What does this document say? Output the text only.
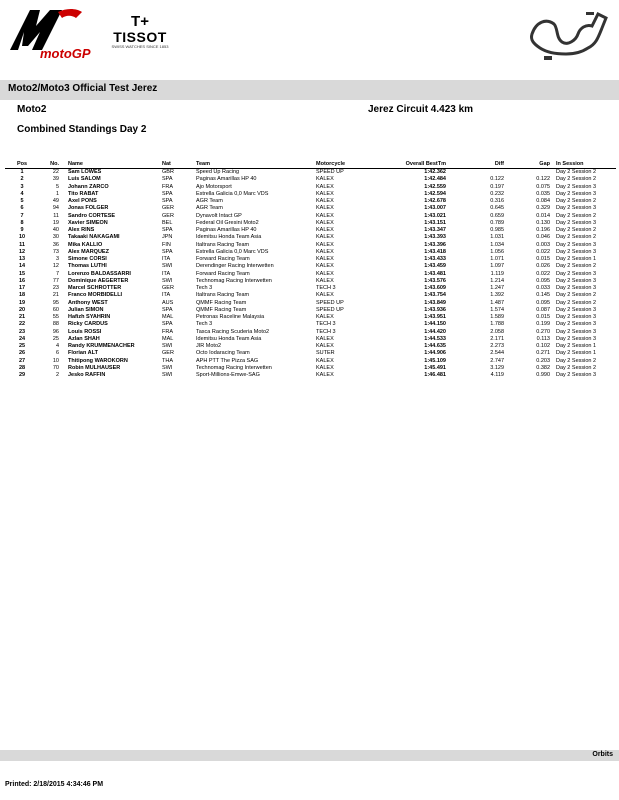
motoGP
T+
TISSOT
SWISS WATCHES SINCE 1853
Moto2/Moto3 Official Test Jerez
Moto2	Jerez Circuit 4.423 km
Combined Standings Day 2
Pos	No.	Name	Nat	Team	Motorcycle	Overall BestTm	Diff	Gap	In Session
1	22	Sam LOWES	GBR	Speed Up Racing	SPEED UP	1:42.362			Day 2 Session 2
2	39	Luis SALOM	SPA	Paginas Amarillas HP 40	KALEX	1:42.484	0.122	0.122	Day 2 Session 2
3	5	Johann ZARCO	FRA	Ajo Motorsport	KALEX	1:42.559	0.197	0.075	Day 2 Session 3
4	1	Tito RABAT	SPA	Estrella Galicia 0,0 Marc VDS	KALEX	1:42.594	0.232	0.035	Day 2 Session 3
5	49	Axel PONS	SPA	AGR Team	KALEX	1:42.678	0.316	0.084	Day 2 Session 2
6	94	Jonas FOLGER	GER	AGR Team	KALEX	1:43.007	0.645	0.329	Day 2 Session 3
7	11	Sandro CORTESE	GER	Dynavolt Intact GP	KALEX	1:43.021	0.659	0.014	Day 2 Session 2
8	19	Xavier SIMEON	BEL	Federal Oil Gresini Moto2	KALEX	1:43.151	0.789	0.130	Day 2 Session 3
9	40	Alex RINS	SPA	Paginas Amarillas HP 40	KALEX	1:43.347	0.985	0.196	Day 2 Session 2
10	30	Takaaki NAKAGAMI	JPN	Idemitsu Honda Team Asia	KALEX	1:43.393	1.031	0.046	Day 2 Session 2
11	36	Mika KALLIO	FIN	Italtrans Racing Team	KALEX	1:43.396	1.034	0.003	Day 2 Session 3
12	73	Alex MARQUEZ	SPA	Estrella Galicia 0,0 Marc VDS	KALEX	1:43.418	1.056	0.022	Day 2 Session 3
13	3	Simone CORSI	ITA	Forward Racing Team	KALEX	1:43.433	1.071	0.015	Day 2 Session 1
14	12	Thomas LUTHI	SWI	Derendinger Racing Interwetten	KALEX	1:43.459	1.097	0.026	Day 2 Session 2
15	7	Lorenzo BALDASSARRI	ITA	Forward Racing Team	KALEX	1:43.481	1.119	0.022	Day 2 Session 3
16	77	Dominique AEGERTER	SWI	Technomag Racing Interwetten	KALEX	1:43.576	1.214	0.095	Day 2 Session 3
17	23	Marcel SCHROTTER	GER	Tech 3	TECH 3	1:43.609	1.247	0.033	Day 2 Session 3
18	21	Franco MORBIDELLI	ITA	Italtrans Racing Team	KALEX	1:43.754	1.392	0.145	Day 2 Session 2
19	95	Anthony WEST	AUS	QMMF Racing Team	SPEED UP	1:43.849	1.487	0.095	Day 2 Session 2
20	60	Julian SIMON	SPA	QMMF Racing Team	SPEED UP	1:43.936	1.574	0.087	Day 2 Session 3
21	55	Hafizh SYAHRIN	MAL	Petronas Raceline Malaysia	KALEX	1:43.951	1.589	0.015	Day 2 Session 3
22	88	Ricky CARDUS	SPA	Tech 3	TECH 3	1:44.150	1.788	0.199	Day 2 Session 3
23	96	Louis ROSSI	FRA	Tasca Racing Scuderia Moto2	TECH 3	1:44.420	2.058	0.270	Day 2 Session 3
24	25	Azlan SHAH	MAL	Idemitsu Honda Team Asia	KALEX	1:44.533	2.171	0.113	Day 2 Session 3
25	4	Randy KRUMMENACHER	SWI	JIR Moto2	KALEX	1:44.635	2.273	0.102	Day 2 Session 1
26	6	Florian ALT	GER	Octo Iodaracing Team	SUTER	1:44.906	2.544	0.271	Day 2 Session 1
27	10	Thitipong WAROKORN	THA	APH PTT The Pizza SAG	KALEX	1:45.109	2.747	0.203	Day 2 Session 2
28	70	Robin MULHAUSER	SWI	Technomag Racing Interwetten	KALEX	1:45.491	3.129	0.382	Day 2 Session 2
29	2	Jesko RAFFIN	SWI	Sport-Millions-Emwe-SAG	KALEX	1:46.481	4.119	0.990	Day 2 Session 3
Orbits
Printed: 2/18/2015 4:34:46 PM
